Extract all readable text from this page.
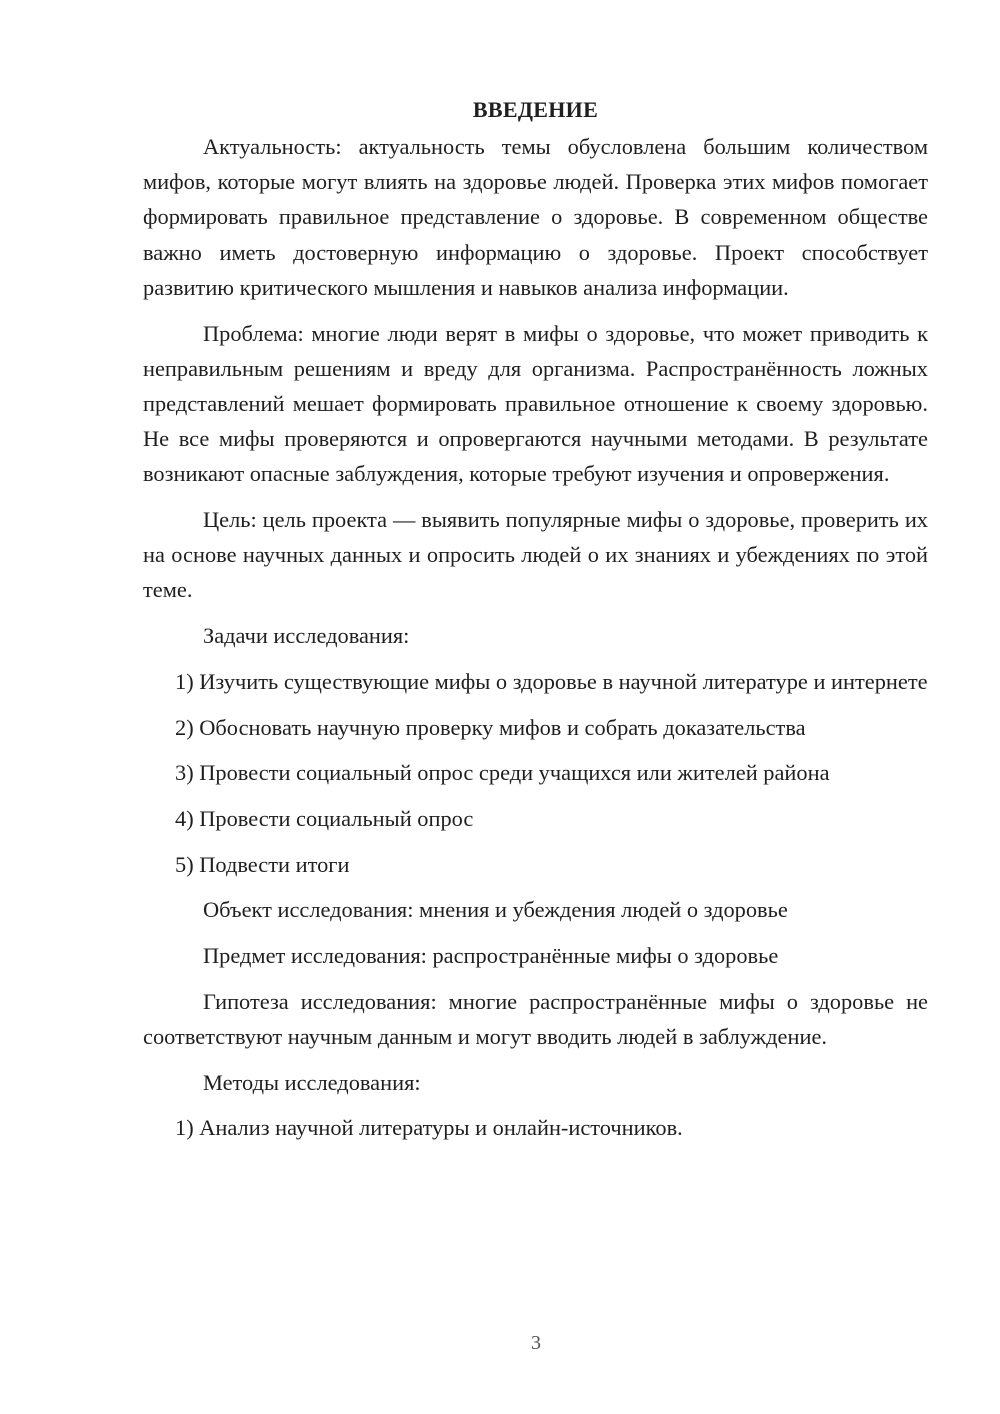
ВВЕДЕНИЕ

Актуальность: актуальность темы обусловлена большим количеством мифов, которые могут влиять на здоровье людей. Проверка этих мифов помогает формировать правильное представление о здоровье. В современном обществе важно иметь достоверную информацию о здоровье. Проект способствует развитию критического мышления и навыков анализа информации.

Проблема: многие люди верят в мифы о здоровье, что может приводить к неправильным решениям и вреду для организма. Распространённость ложных представлений мешает формировать правильное отношение к своему здоровью. Не все мифы проверяются и опровергаются научными методами. В результате возникают опасные заблуждения, которые требуют изучения и опровержения.

Цель: цель проекта — выявить популярные мифы о здоровье, проверить их на основе научных данных и опросить людей о их знаниях и убеждениях по этой теме.

Задачи исследования:

1) Изучить существующие мифы о здоровье в научной литературе и интернете

2) Обосновать научную проверку мифов и собрать доказательства

3) Провести социальный опрос среди учащихся или жителей района

4) Провести социальный опрос

5) Подвести итоги

Объект исследования: мнения и убеждения людей о здоровье

Предмет исследования: распространённые мифы о здоровье

Гипотеза исследования: многие распространённые мифы о здоровье не соответствуют научным данным и могут вводить людей в заблуждение.

Методы исследования:

1) Анализ научной литературы и онлайн-источников.

3
